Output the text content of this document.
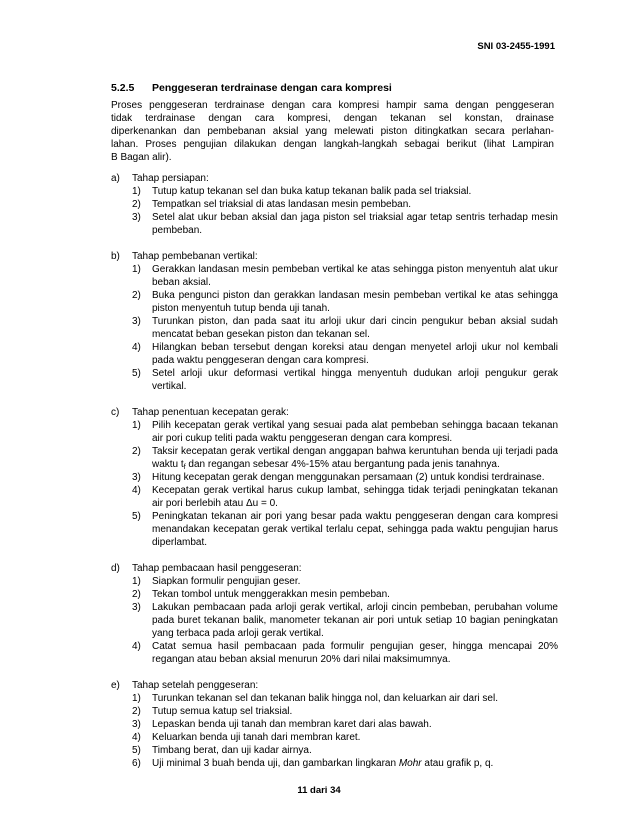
SNI 03-2455-1991
5.2.5 Penggeseran terdrainase dengan cara kompresi
Proses penggeseran terdrainase dengan cara kompresi hampir sama dengan penggeseran
tidak terdrainase dengan cara kompresi, dengan tekanan sel konstan, drainase
diperkenankan dan pembebanan aksial yang melewati piston ditingkatkan secara perlahan-
lahan. Proses pengujian dilakukan dengan langkah-langkah sebagai berikut (lihat Lampiran
B Bagan alir).
a)	Tahap persiapan:
1)	Tutup katup tekanan sel dan buka katup tekanan balik pada sel triaksial.
2)	Tempatkan sel triaksial di atas landasan mesin pembeban.
3)	Setel alat ukur beban aksial dan jaga piston sel triaksial agar tetap sentris terhadap mesin pembeban.
b)	Tahap pembebanan vertikal:
1)	Gerakkan landasan mesin pembeban vertikal ke atas sehingga piston menyentuh alat ukur beban aksial.
2)	Buka pengunci piston dan gerakkan landasan mesin pembeban vertikal ke atas sehingga piston menyentuh tutup benda uji tanah.
3)	Turunkan piston, dan pada saat itu arloji ukur dari cincin pengukur beban aksial sudah mencatat beban gesekan piston dan tekanan sel.
4)	Hilangkan beban tersebut dengan koreksi atau dengan menyetel arloji ukur nol kembali pada waktu penggeseran dengan cara kompresi.
5)	Setel arloji ukur deformasi vertikal hingga menyentuh dudukan arloji pengukur gerak vertikal.
c)	Tahap penentuan kecepatan gerak:
1)	Pilih kecepatan gerak vertikal yang sesuai pada alat pembeban sehingga bacaan tekanan air pori cukup teliti pada waktu penggeseran dengan cara kompresi.
2)	Taksir kecepatan gerak vertikal dengan anggapan bahwa keruntuhan benda uji terjadi pada waktu $t_f$ dan regangan sebesar 4%-15% atau bergantung pada jenis tanahnya.
3)	Hitung kecepatan gerak dengan menggunakan persamaan (2) untuk kondisi terdrainase.
4)	Kecepatan gerak vertikal harus cukup lambat, sehingga tidak terjadi peningkatan tekanan air pori berlebih atau Δu = 0.
5)	Peningkatan tekanan air pori yang besar pada waktu penggeseran dengan cara kompresi menandakan kecepatan gerak vertikal terlalu cepat, sehingga pada waktu pengujian harus diperlambat.
d)	Tahap pembacaan hasil penggeseran:
1)	Siapkan formulir pengujian geser.
2)	Tekan tombol untuk menggerakkan mesin pembeban.
3)	Lakukan pembacaan pada arloji gerak vertikal, arloji cincin pembeban, perubahan volume pada buret tekanan balik, manometer tekanan air pori untuk setiap 10 bagian peningkatan yang terbaca pada arloji gerak vertikal.
4)	Catat semua hasil pembacaan pada formulir pengujian geser, hingga mencapai 20% regangan atau beban aksial menurun 20% dari nilai maksimumnya.
e)	Tahap setelah penggeseran:
1)	Turunkan tekanan sel dan tekanan balik hingga nol, dan keluarkan air dari sel.
2)	Tutup semua katup sel triaksial.
3)	Lepaskan benda uji tanah dan membran karet dari alas bawah.
4)	Keluarkan benda uji tanah dari membran karet.
5)	Timbang berat, dan uji kadar airnya.
6)	Uji minimal 3 buah benda uji, dan gambarkan lingkaran Mohr atau grafik p, q.
11 dari 34
